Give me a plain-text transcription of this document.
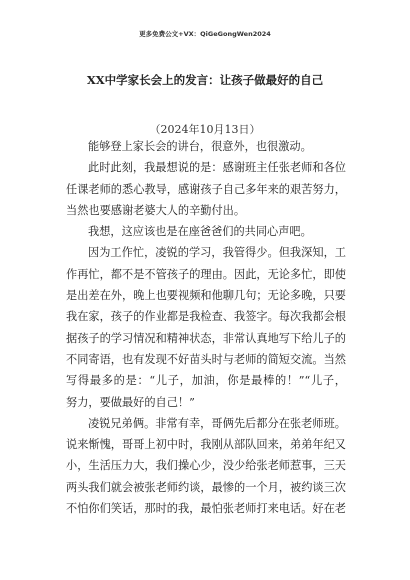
更多免费公文+VX：QiGeGongWen2024
XX中学家长会上的发言：让孩子做最好的自己
（2024年10月13日）
能够登上家长会的讲台，很意外，也很激动。
此时此刻，我最想说的是：感谢班主任张老师和各位
任课老师的悉心教导，感谢孩子自己多年来的艰苦努力，
当然也要感谢老婆大人的辛勤付出。
我想，这应该也是在座爸爸们的共同心声吧。
因为工作忙，凌锐的学习，我管得少。但我深知，工
作再忙，都不是不管孩子的理由。因此，无论多忙，即使
是出差在外，晚上也要视频和他聊几句；无论多晚，只要
我在家，孩子的作业都是我检查、我签字。每次我都会根
据孩子的学习情况和精神状态，非常认真地写下给儿子的
不同寄语，也有发现不好苗头时与老师的简短交流。当然
写得最多的是：“儿子，加油，你是最棒的！”“儿子，
努力，要做最好的自己！”
凌锐兄弟俩。非常有幸，哥俩先后都分在张老师班。
说来惭愧，哥哥上初中时，我刚从部队回来，弟弟年纪又
小，生活压力大，我们操心少，没少给张老师惹事，三天
两头我们就会被张老师约谈，最惨的一个月，被约谈三次
不怕你们笑话，那时的我，最怕张老师打来电话。好在老
